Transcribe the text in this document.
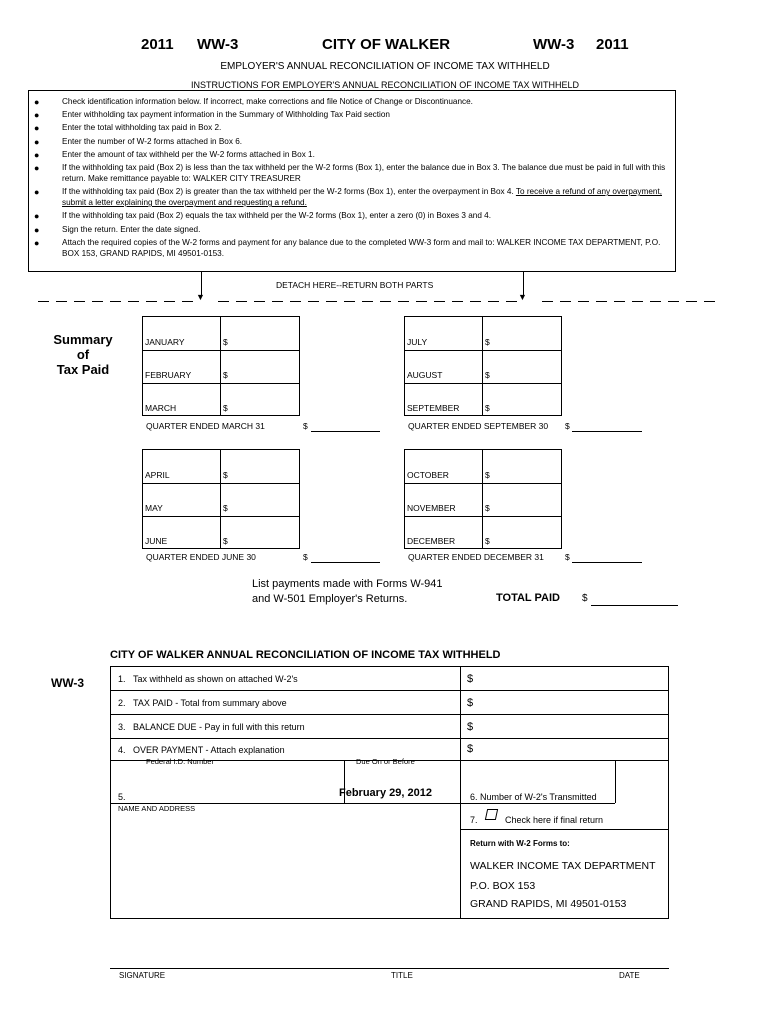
2011 WW-3	CITY OF WALKER	WW-3 2011
EMPLOYER'S ANNUAL RECONCILIATION OF INCOME TAX WITHHELD
INSTRUCTIONS FOR EMPLOYER'S ANNUAL RECONCILIATION OF INCOME TAX WITHHELD
●	Check identification information below. If incorrect, make corrections and file Notice of Change or Discontinuance.
●	Enter withholding tax payment information in the Summary of Withholding Tax Paid section
●	Enter the total withholding tax paid in Box 2.
●	Enter the number of W-2 forms attached in Box 6.
●	Enter the amount of tax withheld per the W-2 forms attached in Box 1.
●	If the withholding tax paid (Box 2) is less than the tax withheld per the W-2 forms (Box 1), enter the balance due in Box 3. The balance due must be paid in full with this return. Make remittance payable to: WALKER CITY TREASURER
●	If the withholding tax paid (Box 2) is greater than the tax withheld per the W-2 forms (Box 1), enter the overpayment in Box 4. To receive a refund of any overpayment, submit a letter explaining the overpayment and requesting a refund.
●	If the withholding tax paid (Box 2) equals the tax withheld per the W-2 forms (Box 1), enter a zero (0) in Boxes 3 and 4.
●	Sign the return. Enter the date signed.
●	Attach the required copies of the W-2 forms and payment for any balance due to the completed WW-3 form and mail to: WALKER INCOME TAX DEPARTMENT, P.O. BOX 153, GRAND RAPIDS, MI 49501-0153.
DETACH HERE--RETURN BOTH PARTS
▼	▼
Summary
of
Tax Paid
JANUARY	$
FEBRUARY	$
MARCH	$
QUARTER ENDED MARCH 31	$
JULY	$
AUGUST	$
SEPTEMBER	$
QUARTER ENDED SEPTEMBER 30 $
APRIL	$
MAY	$
JUNE	$
QUARTER ENDED JUNE 30	$
OCTOBER	$
NOVEMBER	$
DECEMBER	$
QUARTER ENDED DECEMBER 31 $
List payments made with Forms W-941
and W-501 Employer's Returns.	TOTAL PAID $
CITY OF WALKER ANNUAL RECONCILIATION OF INCOME TAX WITHHELD
WW-3	1. Tax withheld as shown on attached W-2's	$
2. TAX PAID - Total from summary above	$
3. BALANCE DUE - Pay in full with this return	$
4. OVER PAYMENT - Attach explanation	$
Federal I.D. Number	Due On or Before
February 29, 2012
5.
NAME AND ADDRESS
6. Number of W-2's Transmitted
7.	Check here if final return
Return with W-2 Forms to:
WALKER INCOME TAX DEPARTMENT
P.O. BOX 153
GRAND RAPIDS, MI 49501-0153
SIGNATURE	TITLE	DATE
